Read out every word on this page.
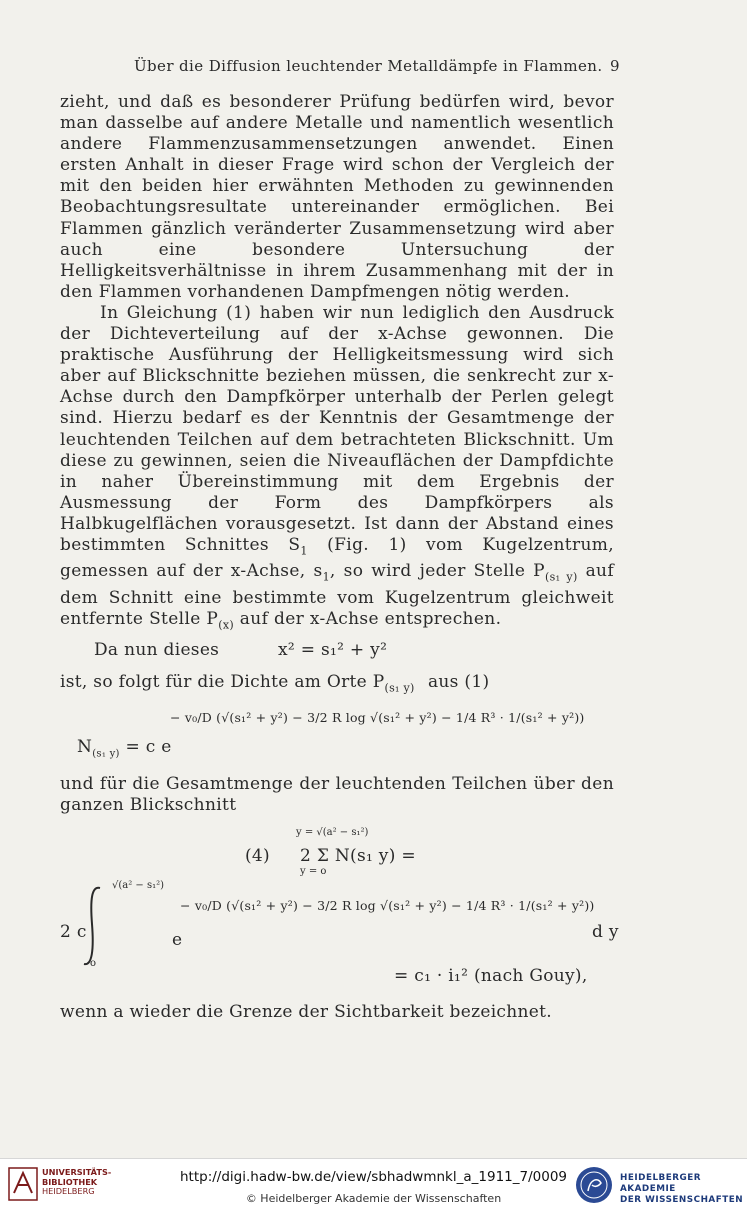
Über die Diffusion leuchtender Metalldämpfe in Flammen. 9

zieht, und daß es besonderer Prüfung bedürfen wird, bevor man dasselbe auf andere Metalle und namentlich wesentlich andere Flammenzusammensetzungen anwendet. Einen ersten Anhalt in dieser Frage wird schon der Vergleich der mit den beiden hier erwähnten Methoden zu gewinnenden Beobachtungsresultate untereinander ermöglichen. Bei Flammen gänzlich veränderter Zusammensetzung wird aber auch eine besondere Untersuchung der Helligkeitsverhältnisse in ihrem Zusammenhang mit der in den Flammen vorhandenen Dampfmengen nötig werden.

In Gleichung (1) haben wir nun lediglich den Ausdruck der Dichteverteilung auf der x-Achse gewonnen. Die praktische Ausführung der Helligkeitsmessung wird sich aber auf Blickschnitte beziehen müssen, die senkrecht zur x-Achse durch den Dampfkörper unterhalb der Perlen gelegt sind. Hierzu bedarf es der Kenntnis der Gesamtmenge der leuchtenden Teilchen auf dem betrachteten Blickschnitt. Um diese zu gewinnen, seien die Niveauflächen der Dampfdichte in naher Übereinstimmung mit dem Ergebnis der Ausmessung der Form des Dampfkörpers als Halbkugelflächen vorausgesetzt. Ist dann der Abstand eines bestimmten Schnittes $S_1$ (Fig. 1) vom Kugelzentrum, gemessen auf der x-Achse, $s_1$, so wird jeder Stelle $P_{(s_1 y)}$ auf dem Schnitt eine bestimmte vom Kugelzentrum gleichweit entfernte Stelle $P_{(x)}$ auf der x-Achse entsprechen.

Da nun dieses	x² = s₁² + y²
ist, so folgt für die Dichte am Orte $P_{(s_1 y)}$ aus (1)
− v₀/D (√(s₁² + y²) − 3/2 R log √(s₁² + y²) − 1/4 R³ · 1/(s₁² + y²))
$N_{(s_1 y)} = c$ e
und für die Gesamtmenge der leuchtenden Teilchen über den ganzen Blickschnitt
y = √(a² − s₁²)
(4) 2 Σ N(s₁ y) =
y = o
2 c
√(a² − s₁²)
o
− v₀/D (√(s₁² + y²) − 3/2 R log √(s₁² + y²) − 1/4 R³ · 1/(s₁² + y²))
e	d y
= c₁ · i₁² (nach Gouy),
wenn a wieder die Grenze der Sichtbarkeit bezeichnet.
UNIVERSITÄTS-
BIBLIOTHEK
HEIDELBERG
http://digi.hadw-bw.de/view/sbhadwmnkl_a_1911_7/0009
© Heidelberger Akademie der Wissenschaften
HEIDELBERGER AKADEMIE
DER WISSENSCHAFTEN
